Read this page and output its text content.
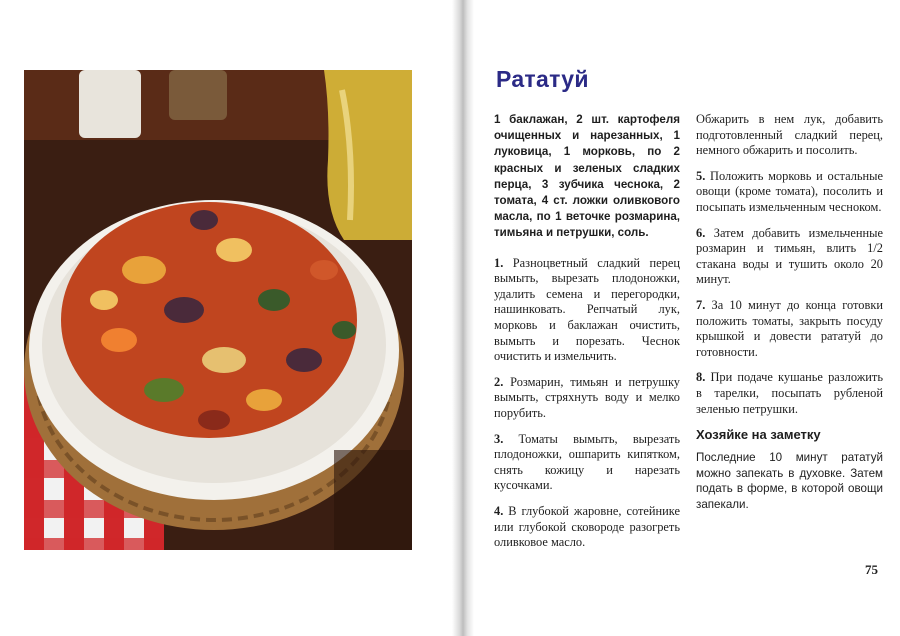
Рататуй

1 баклажан, 2 шт. картофеля очищенных и нарезанных, 1 луковица, 1 морковь, по 2 красных и зеленых сладких перца, 3 зубчика чеснока, 2 томата, 4 ст. ложки оливкового масла, по 1 веточке розмарина, тимьяна и петрушки, соль.

1. Разноцветный сладкий перец вымыть, вырезать плодоножки, удалить семена и перегородки, нашинковать. Репчатый лук, морковь и баклажан очистить, вымыть и порезать. Чеснок очистить и измельчить.

2. Розмарин, тимьян и петрушку вымыть, стряхнуть воду и мелко порубить.

3. Томаты вымыть, вырезать плодоножки, ошпарить кипятком, снять кожицу и нарезать кусочками.

4. В глубокой жаровне, сотейнике или глубокой сковороде разогреть оливковое масло.

Обжарить в нем лук, добавить подготовленный сладкий перец, немного обжарить и посолить.

5. Положить морковь и остальные овощи (кроме томата), посолить и посыпать измельченным чесноком.

6. Затем добавить измельченные розмарин и тимьян, влить 1/2 стакана воды и тушить около 20 минут.

7. За 10 минут до конца готовки положить томаты, закрыть посуду крышкой и довести рататуй до готовности.

8. При подаче кушанье разложить в тарелки, посыпать рубленой зеленью петрушки.

Хозяйке на заметку

Последние 10 минут рататуй можно запекать в духовке. Затем подать в форме, в которой овощи запекали.

75
